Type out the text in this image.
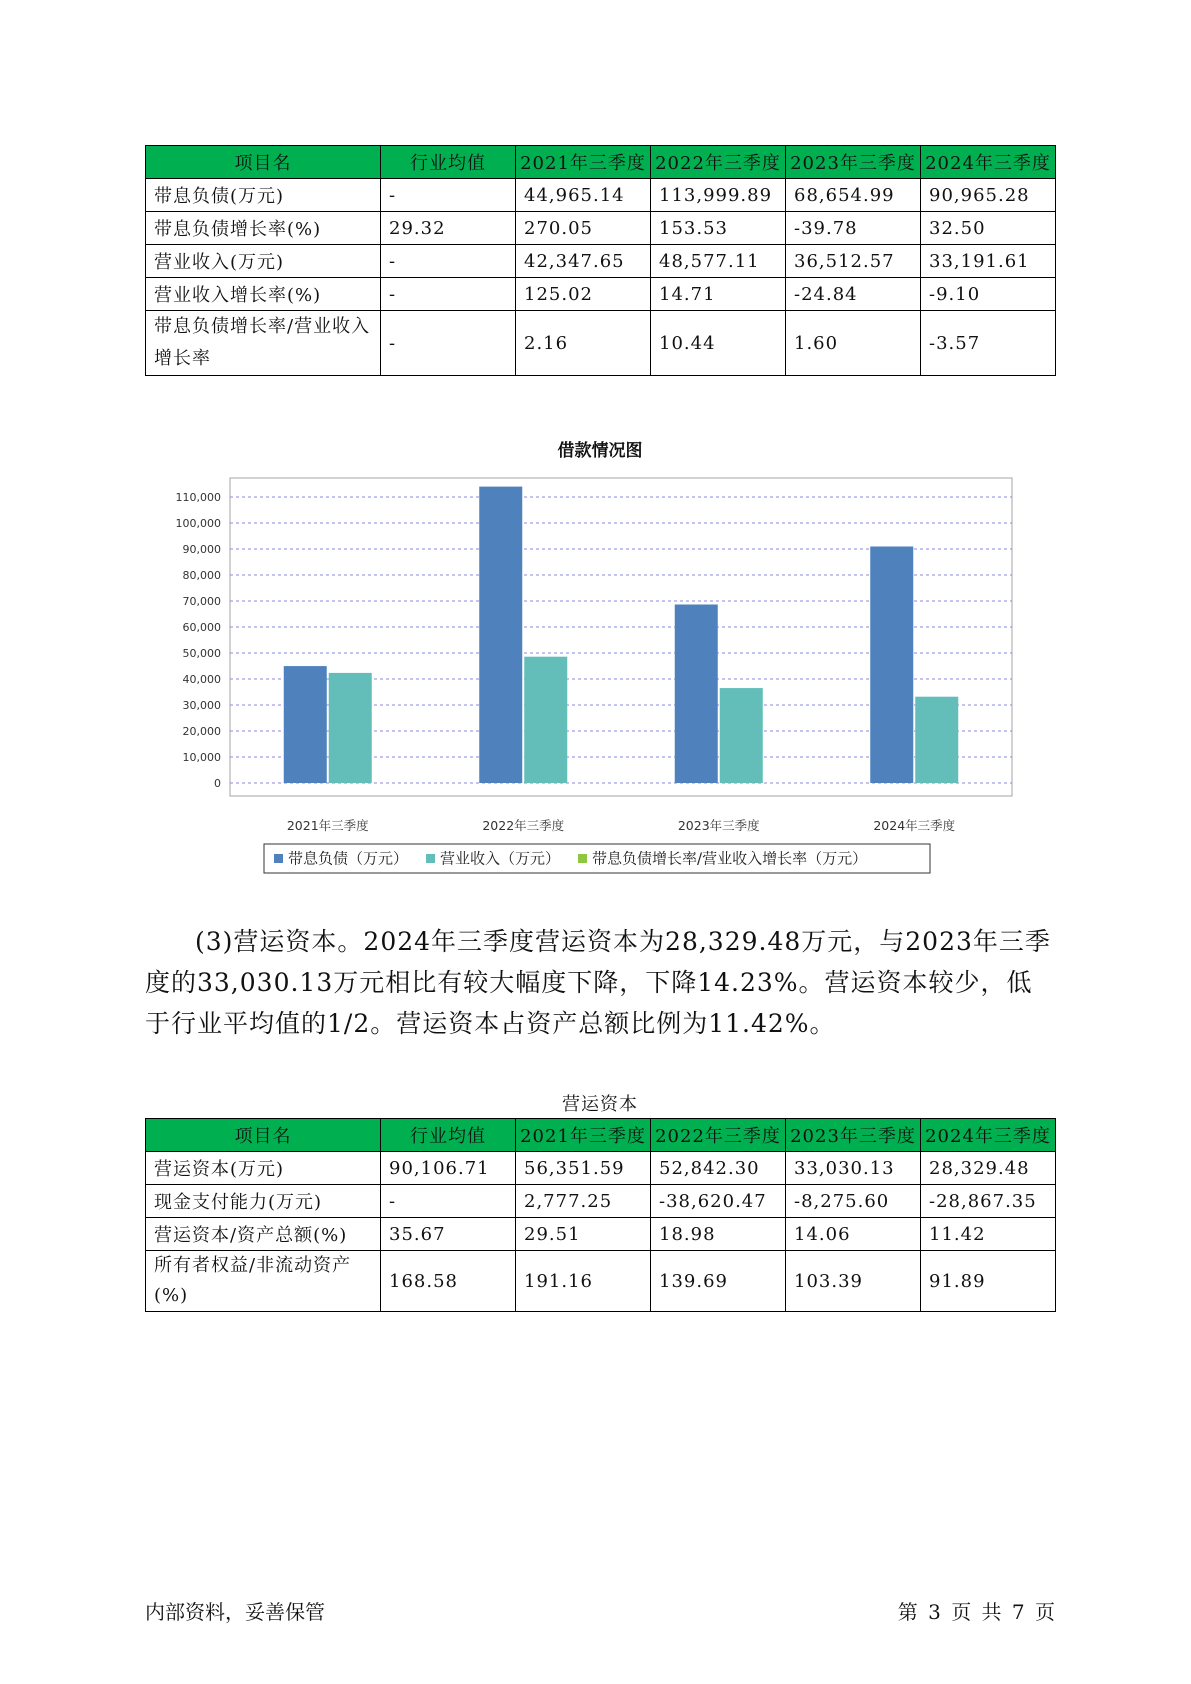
项目名	行业均值	2021年三季度	2022年三季度	2023年三季度	2024年三季度
带息负债(万元)	-	44,965.14	113,999.89	68,654.99	90,965.28
带息负债增长率(%)	29.32	270.05	153.53	-39.78	32.50
营业收入(万元)	-	42,347.65	48,577.11	36,512.57	33,191.61
营业收入增长率(%)	-	125.02	14.71	-24.84	-9.10
带息负债增长率/营业收入增长率	-	2.16	10.44	1.60	-3.57
借款情况图
0
10,000
20,000
30,000
40,000
50,000
60,000
70,000
80,000
90,000
100,000
110,000
2021年三季度	2022年三季度	2023年三季度	2024年三季度
带息负债（万元） 营业收入（万元） 带息负债增长率/营业收入增长率（万元）

(3)营运资本。2024年三季度营运资本为28,329.48万元，与2023年三季度的33,030.13万元相比有较大幅度下降，下降14.23%。营运资本较少，低于行业平均值的1/2。营运资本占资产总额比例为11.42%。

营运资本
项目名	行业均值	2021年三季度	2022年三季度	2023年三季度	2024年三季度
营运资本(万元)	90,106.71	56,351.59	52,842.30	33,030.13	28,329.48
现金支付能力(万元)	-	2,777.25	-38,620.47	-8,275.60	-28,867.35
营运资本/资产总额(%)	35.67	29.51	18.98	14.06	11.42
所有者权益/非流动资产(%)	168.58	191.16	139.69	103.39	91.89
内部资料，妥善保管	第 3 页 共 7 页
